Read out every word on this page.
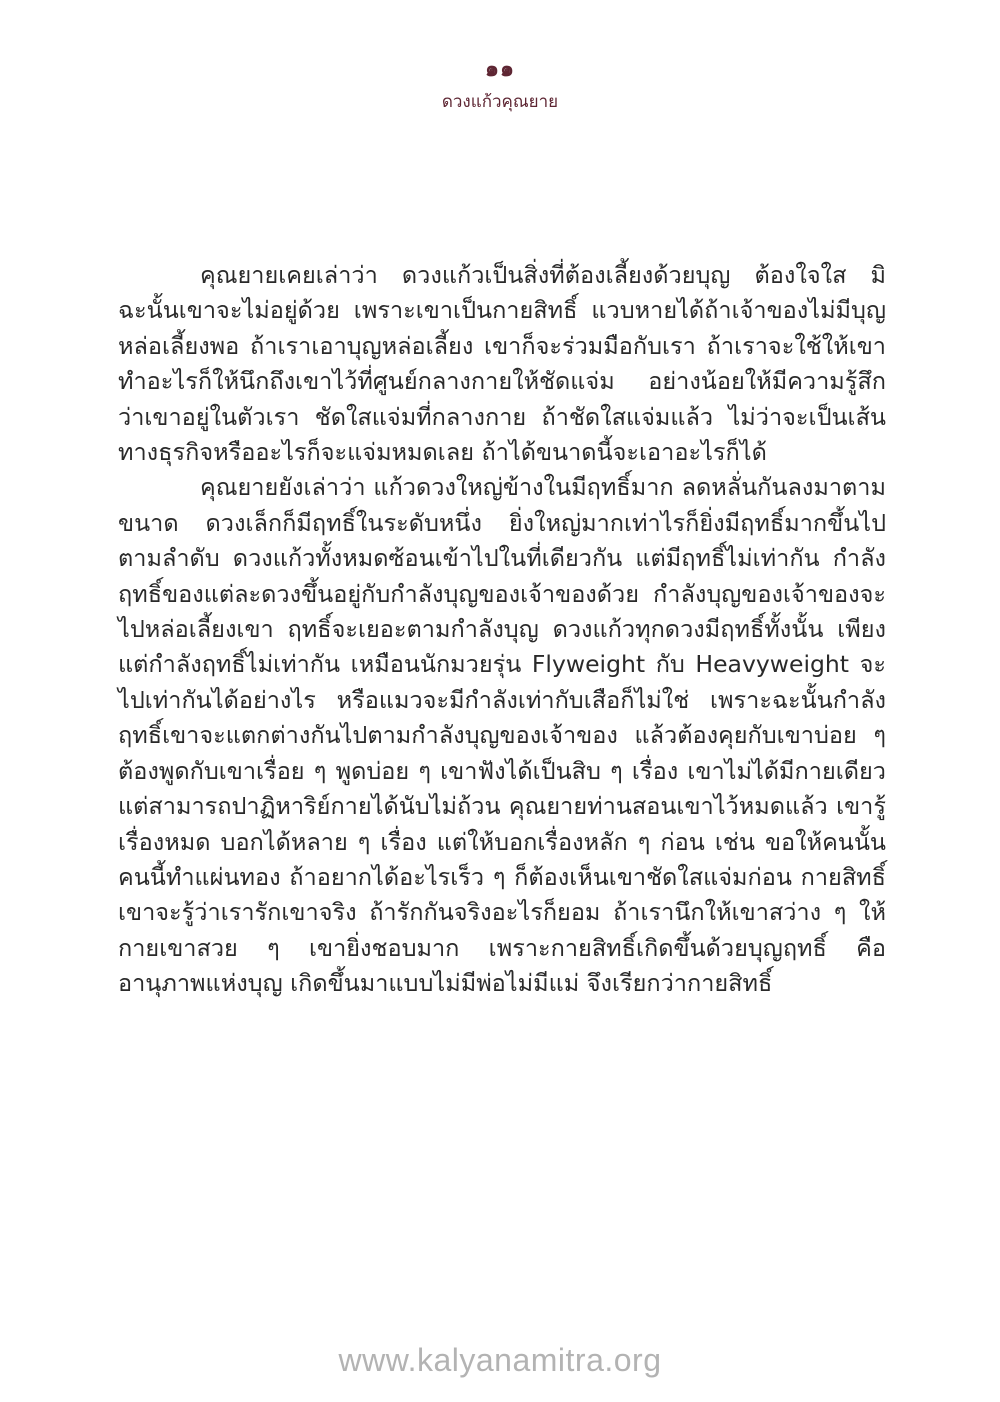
๑๑
ดวงแก้วคุณยาย

คุณยายเคยเล่าว่า ดวงแก้วเป็นสิ่งที่ต้องเลี้ยงด้วยบุญ ต้องใจใส มิฉะนั้นเขาจะไม่อยู่ด้วย เพราะเขาเป็นกายสิทธิ์ แวบหายได้ถ้าเจ้าของไม่มีบุญหล่อเลี้ยงพอ ถ้าเราเอาบุญหล่อเลี้ยง เขาก็จะร่วมมือกับเรา ถ้าเราจะใช้ให้เขาทำอะไรก็ให้นึกถึงเขาไว้ที่ศูนย์กลางกายให้ชัดแจ่ม อย่างน้อยให้มีความรู้สึกว่าเขาอยู่ในตัวเรา ชัดใสแจ่มที่กลางกาย ถ้าชัดใสแจ่มแล้ว ไม่ว่าจะเป็นเส้นทางธุรกิจหรืออะไรก็จะแจ่มหมดเลย ถ้าได้ขนาดนี้จะเอาอะไรก็ได้

คุณยายยังเล่าว่า แก้วดวงใหญ่ข้างในมีฤทธิ์มาก ลดหลั่นกันลงมาตามขนาด ดวงเล็กก็มีฤทธิ์ในระดับหนึ่ง ยิ่งใหญ่มากเท่าไรก็ยิ่งมีฤทธิ์มากขึ้นไปตามลำดับ ดวงแก้วทั้งหมดซ้อนเข้าไปในที่เดียวกัน แต่มีฤทธิ์ไม่เท่ากัน กำลังฤทธิ์ของแต่ละดวงขึ้นอยู่กับกำลังบุญของเจ้าของด้วย กำลังบุญของเจ้าของจะไปหล่อเลี้ยงเขา ฤทธิ์จะเยอะตามกำลังบุญ ดวงแก้วทุกดวงมีฤทธิ์ทั้งนั้น เพียงแต่กำลังฤทธิ์ไม่เท่ากัน เหมือนนักมวยรุ่น Flyweight กับ Heavyweight จะไปเท่ากันได้อย่างไร หรือแมวจะมีกำลังเท่ากับเสือก็ไม่ใช่ เพราะฉะนั้นกำลังฤทธิ์เขาจะแตกต่างกันไปตามกำลังบุญของเจ้าของ แล้วต้องคุยกับเขาบ่อย ๆ ต้องพูดกับเขาเรื่อย ๆ พูดบ่อย ๆ เขาฟังได้เป็นสิบ ๆ เรื่อง เขาไม่ได้มีกายเดียว แต่สามารถปาฏิหาริย์กายได้นับไม่ถ้วน คุณยายท่านสอนเขาไว้หมดแล้ว เขารู้เรื่องหมด บอกได้หลาย ๆ เรื่อง แต่ให้บอกเรื่องหลัก ๆ ก่อน เช่น ขอให้คนนั้นคนนี้ทำแผ่นทอง ถ้าอยากได้อะไรเร็ว ๆ ก็ต้องเห็นเขาชัดใสแจ่มก่อน กายสิทธิ์เขาจะรู้ว่าเรารักเขาจริง ถ้ารักกันจริงอะไรก็ยอม ถ้าเรานึกให้เขาสว่าง ๆ ให้กายเขาสวย ๆ เขายิ่งชอบมาก เพราะกายสิทธิ์เกิดขึ้นด้วยบุญฤทธิ์ คือ อานุภาพแห่งบุญ เกิดขึ้นมาแบบไม่มีพ่อไม่มีแม่ จึงเรียกว่ากายสิทธิ์

www.kalyanamitra.org
